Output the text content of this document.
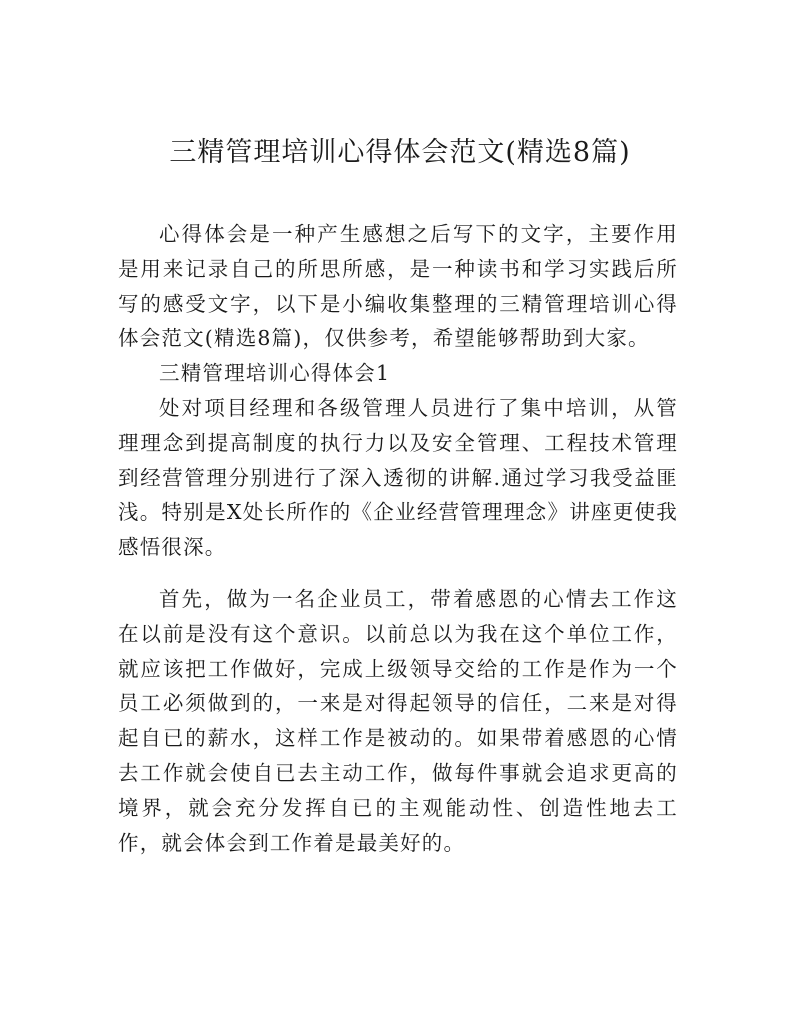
三精管理培训心得体会范文(精选8篇)

心得体会是一种产生感想之后写下的文字，主要作用是用来记录自己的所思所感，是一种读书和学习实践后所写的感受文字，以下是小编收集整理的三精管理培训心得体会范文(精选8篇)，仅供参考，希望能够帮助到大家。

三精管理培训心得体会1

处对项目经理和各级管理人员进行了集中培训，从管理理念到提高制度的执行力以及安全管理、工程技术管理到经营管理分别进行了深入透彻的讲解.通过学习我受益匪浅。特别是X处长所作的《企业经营管理理念》讲座更使我感悟很深。

首先，做为一名企业员工，带着感恩的心情去工作这在以前是没有这个意识。以前总以为我在这个单位工作，就应该把工作做好，完成上级领导交给的工作是作为一个员工必须做到的，一来是对得起领导的信任，二来是对得起自已的薪水，这样工作是被动的。如果带着感恩的心情去工作就会使自已去主动工作，做每件事就会追求更高的境界，就会充分发挥自已的主观能动性、创造性地去工作，就会体会到工作着是最美好的。
